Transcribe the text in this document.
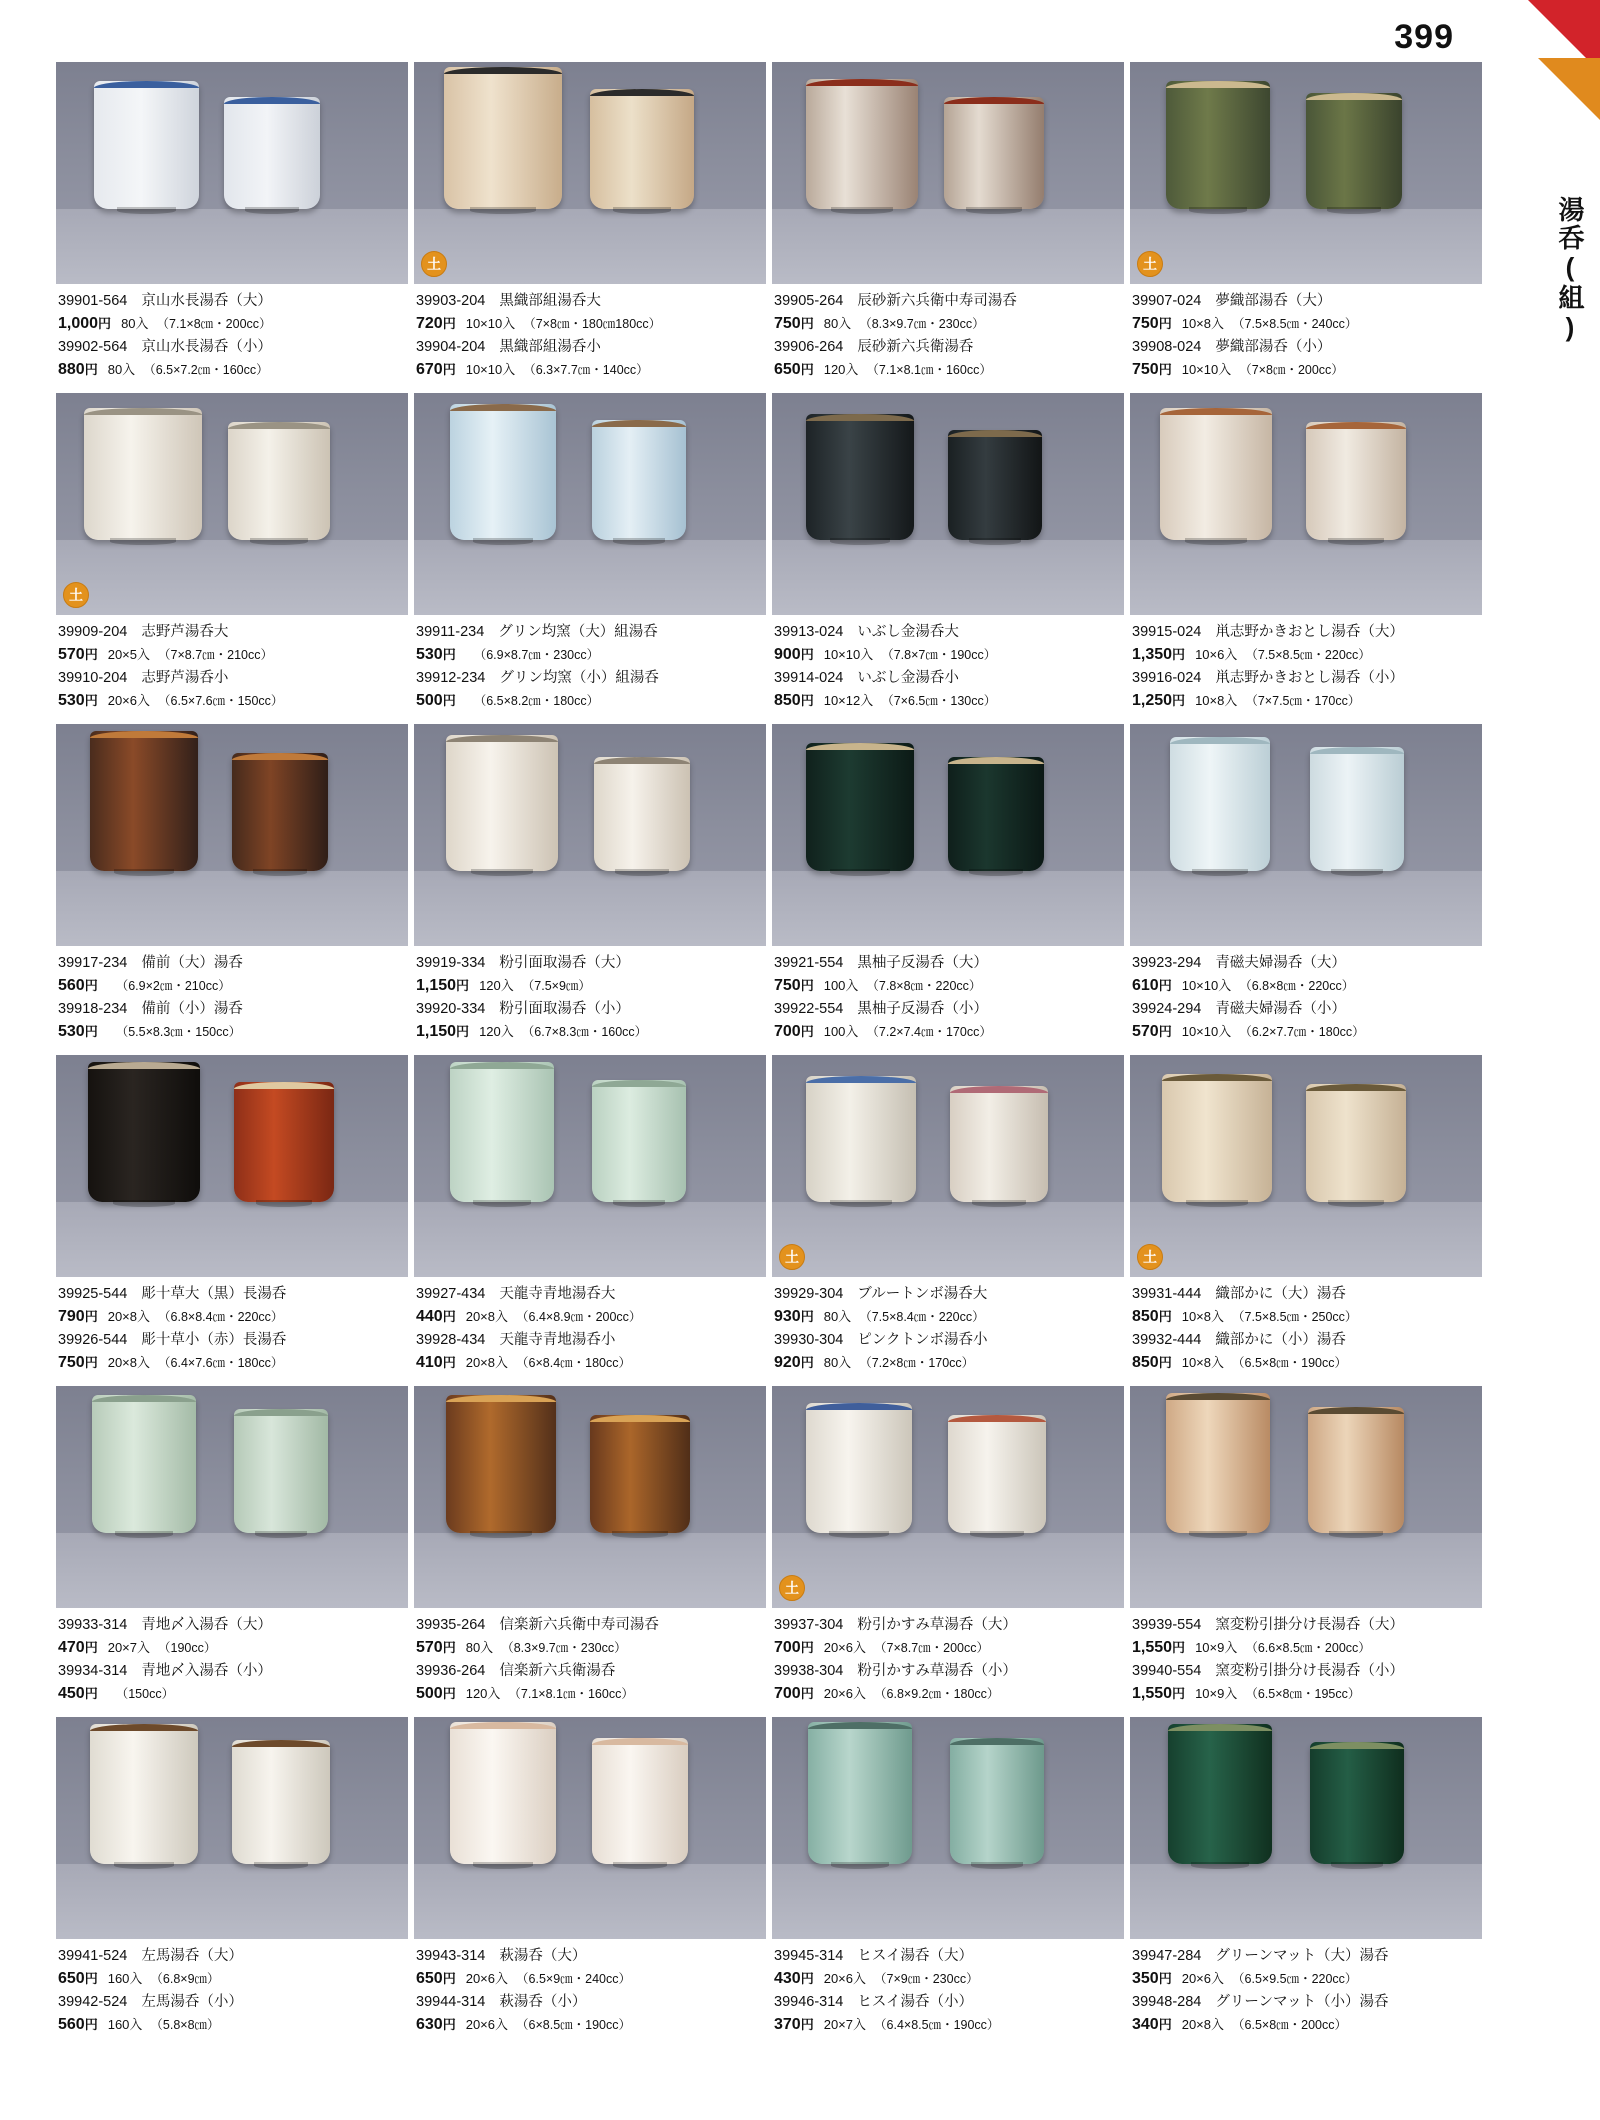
399
湯呑(組)
39901-564 京山水長湯呑（大）
1,000円 80入 （7.1×8㎝・200cc）
39902-564 京山水長湯呑（小）
880円 80入 （6.5×7.2㎝・160cc）
土
39903-204 黒織部組湯呑大
720円 10×10入 （7×8㎝・180㎝180cc）
39904-204 黒織部組湯呑小
670円 10×10入 （6.3×7.7㎝・140cc）
39905-264 辰砂新六兵衛中寿司湯呑
750円 80入 （8.3×9.7㎝・230cc）
39906-264 辰砂新六兵衛湯呑
650円 120入 （7.1×8.1㎝・160cc）
土
39907-024 夢織部湯呑（大）
750円 10×8入 （7.5×8.5㎝・240cc）
39908-024 夢織部湯呑（小）
750円 10×10入 （7×8㎝・200cc）
土
39909-204 志野芦湯呑大
570円 20×5入 （7×8.7㎝・210cc）
39910-204 志野芦湯呑小
530円 20×6入 （6.5×7.6㎝・150cc）
39911-234 グリン均窯（大）組湯呑
530円 （6.9×8.7㎝・230cc）
39912-234 グリン均窯（小）組湯呑
500円 （6.5×8.2㎝・180cc）
39913-024 いぶし金湯呑大
900円 10×10入 （7.8×7㎝・190cc）
39914-024 いぶし金湯呑小
850円 10×12入 （7×6.5㎝・130cc）
39915-024 鼡志野かきおとし湯呑（大）
1,350円 10×6入 （7.5×8.5㎝・220cc）
39916-024 鼡志野かきおとし湯呑（小）
1,250円 10×8入 （7×7.5㎝・170cc）
39917-234 備前（大）湯呑
560円 （6.9×2㎝・210cc）
39918-234 備前（小）湯呑
530円 （5.5×8.3㎝・150cc）
39919-334 粉引面取湯呑（大）
1,150円 120入 （7.5×9㎝）
39920-334 粉引面取湯呑（小）
1,150円 120入 （6.7×8.3㎝・160cc）
39921-554 黒柚子反湯呑（大）
750円 100入 （7.8×8㎝・220cc）
39922-554 黒柚子反湯呑（小）
700円 100入 （7.2×7.4㎝・170cc）
39923-294 青磁夫婦湯呑（大）
610円 10×10入 （6.8×8㎝・220cc）
39924-294 青磁夫婦湯呑（小）
570円 10×10入 （6.2×7.7㎝・180cc）
39925-544 彫十草大（黒）長湯呑
790円 20×8入 （6.8×8.4㎝・220cc）
39926-544 彫十草小（赤）長湯呑
750円 20×8入 （6.4×7.6㎝・180cc）
39927-434 天龍寺青地湯呑大
440円 20×8入 （6.4×8.9㎝・200cc）
39928-434 天龍寺青地湯呑小
410円 20×8入 （6×8.4㎝・180cc）
土
39929-304 ブルートンボ湯呑大
930円 80入 （7.5×8.4㎝・220cc）
39930-304 ピンクトンボ湯呑小
920円 80入 （7.2×8㎝・170cc）
土
39931-444 織部かに（大）湯呑
850円 10×8入 （7.5×8.5㎝・250cc）
39932-444 織部かに（小）湯呑
850円 10×8入 （6.5×8㎝・190cc）
39933-314 青地〆入湯呑（大）
470円 20×7入 （190cc）
39934-314 青地〆入湯呑（小）
450円 （150cc）
39935-264 信楽新六兵衛中寿司湯呑
570円 80入 （8.3×9.7㎝・230cc）
39936-264 信楽新六兵衛湯呑
500円 120入 （7.1×8.1㎝・160cc）
土
39937-304 粉引かすみ草湯呑（大）
700円 20×6入 （7×8.7㎝・200cc）
39938-304 粉引かすみ草湯呑（小）
700円 20×6入 （6.8×9.2㎝・180cc）
39939-554 窯変粉引掛分け長湯呑（大）
1,550円 10×9入 （6.6×8.5㎝・200cc）
39940-554 窯変粉引掛分け長湯呑（小）
1,550円 10×9入 （6.5×8㎝・195cc）
39941-524 左馬湯呑（大）
650円 160入 （6.8×9㎝）
39942-524 左馬湯呑（小）
560円 160入 （5.8×8㎝）
39943-314 萩湯呑（大）
650円 20×6入 （6.5×9㎝・240cc）
39944-314 萩湯呑（小）
630円 20×6入 （6×8.5㎝・190cc）
39945-314 ヒスイ湯呑（大）
430円 20×6入 （7×9㎝・230cc）
39946-314 ヒスイ湯呑（小）
370円 20×7入 （6.4×8.5㎝・190cc）
39947-284 グリーンマット（大）湯呑
350円 20×6入 （6.5×9.5㎝・220cc）
39948-284 グリーンマット（小）湯呑
340円 20×8入 （6.5×8㎝・200cc）
